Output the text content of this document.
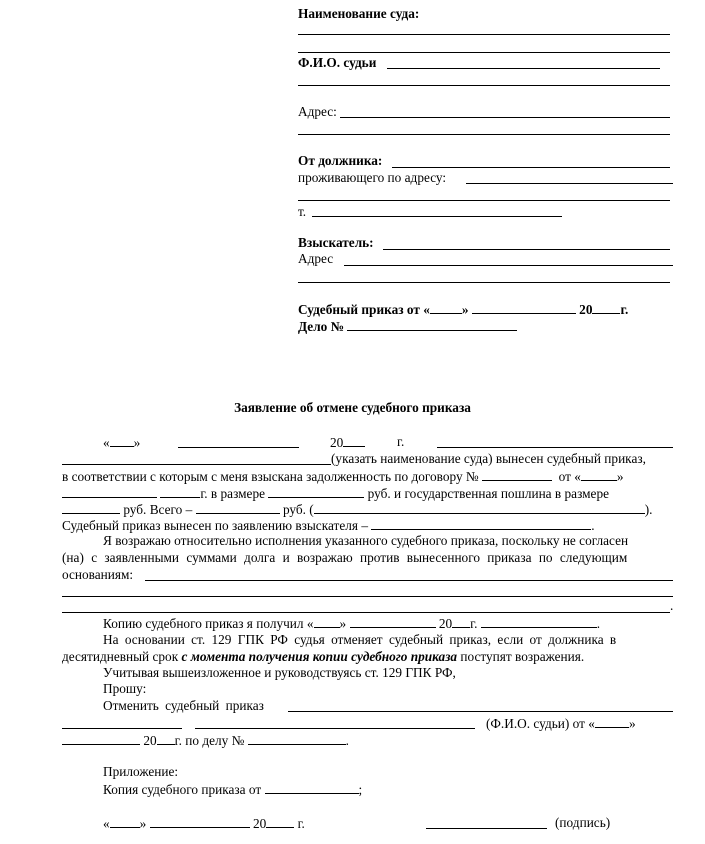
Наименование суда:
Ф.И.О. судьи
Адрес:
От должника:
проживающего по адресу:
т.
Взыскатель:
Адрес
Судебный приказ от « »	20 г.
Дело №
Заявление об отмене судебного приказа
« »	20	г.
(указать наименование суда) вынесен судебный приказ,
в соответствии с которым с меня взыскана задолженность по договору №	от «	»
г. в размере	руб. и государственная пошлина в размере
руб. Всего –	руб. (	).
Судебный приказ вынесен по заявлению взыскателя –	.
Я возражаю относительно исполнения указанного судебного приказа, поскольку не согласен
(на) с заявленными суммами долга и возражаю против вынесенного приказа по следующим
основаниям:
.
Копию судебного приказ я получил « »	20 г.	.
На основании ст. 129 ГПК РФ судья отменяет судебный приказ, если от должника в
десятидневный срок с момента получения копии судебного приказа поступят возражения.
Учитывая вышеизложенное и руководствуясь ст. 129 ГПК РФ,
Прошу:
Отменить судебный приказ
(Ф.И.О. судьи) от «	»
20 г. по делу №	.
Приложение:
Копия судебного приказа от	;
« »	20 г.	(подпись)
